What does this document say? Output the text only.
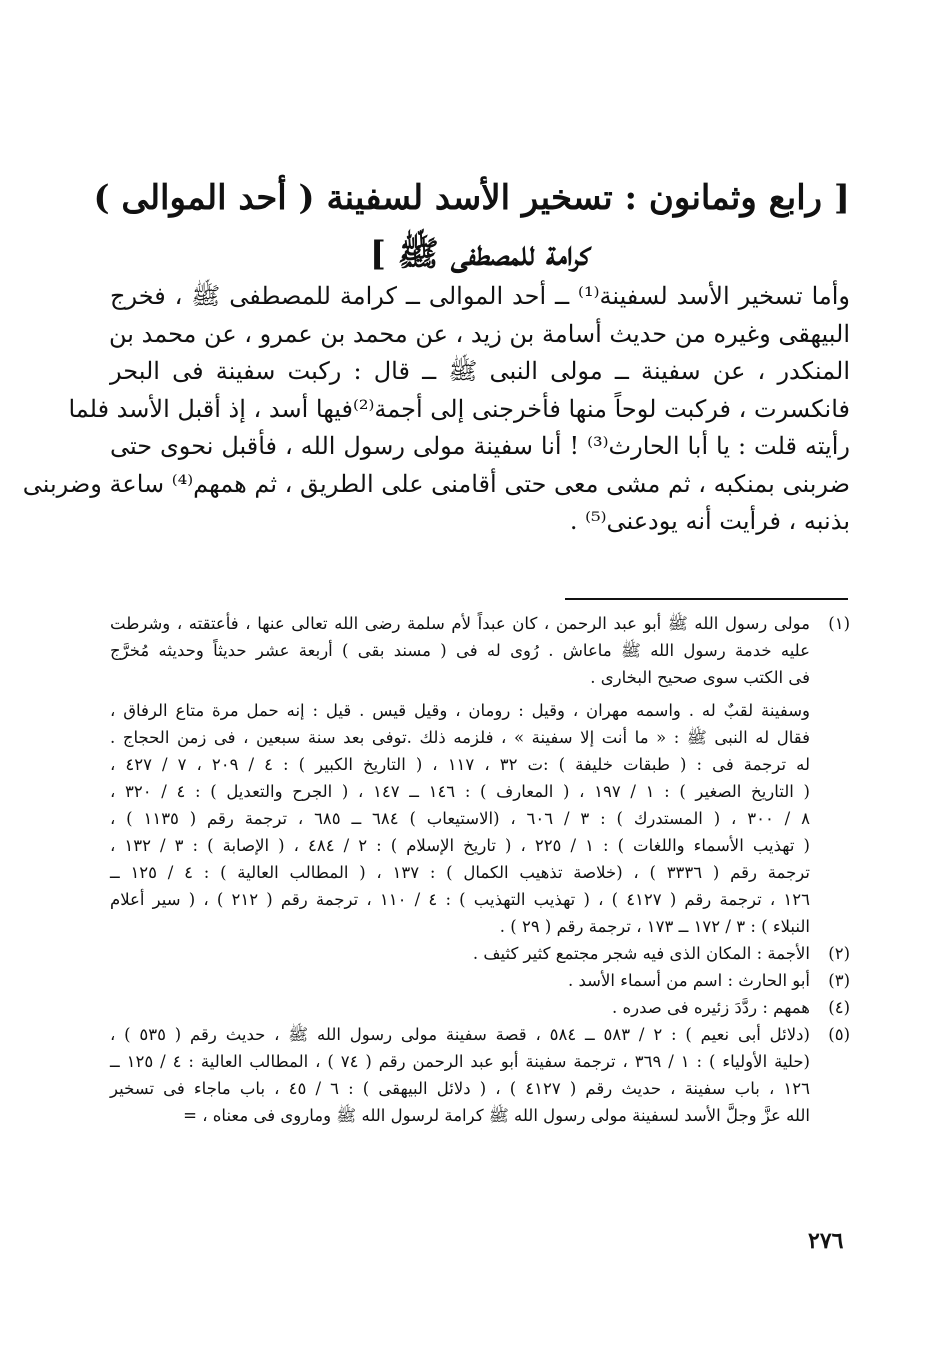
[ رابع وثمانون : تسخير الأسد لسفينة ( أحد الموالى )
كرامة للمصطفى ﷺ ]
وأما تسخير الأسد لسفينة⁽¹⁾ ــ أحد الموالى ــ كرامة للمصطفى ﷺ ، فخرج
البيهقى وغيره من حديث أسامة بن زيد ، عن محمد بن عمرو ، عن محمد بن
المنكدر ، عن سفينة ــ مولى النبى ﷺ ــ قال : ركبت سفينة فى البحر
فانكسرت ، فركبت لوحاً منها فأخرجنى إلى أجمة⁽²⁾فيها أسد ، إذ أقبل الأسد فلما
رأيته قلت : يا أبا الحارث⁽³⁾ ! أنا سفينة مولى رسول الله ، فأقبل نحوى حتى
ضربنى بمنكبه ، ثم مشى معى حتى أقامنى على الطريق ، ثم همهم⁽⁴⁾ ساعة وضربنى
بذنبه ، فرأيت أنه يودعنى⁽⁵⁾ .
(١)
مولى رسول الله ﷺ أبو عبد الرحمن ، كان عبداً لأم سلمة رضى الله تعالى عنها ، فأعتقته ، وشرطت
عليه خدمة رسول الله ﷺ ماعاش . رُوى له فى ( مسند بقى ) أربعة عشر حديثاً وحديثه مُخرَّج
فى الكتب سوى صحيح البخارى .
وسفينة لقبٌ له . واسمه مهران ، وقيل : رومان ، وقيل قيس . قيل : إنه حمل مرة متاع الرفاق ،
فقال له النبى ﷺ : « ما أنت إلا سفينة » ، فلزمه ذلك .توفى بعد سنة سبعين ، فى زمن الحجاج .
له ترجمة فى : ( طبقات خليفة ) :ت ٣٢ ، ١١٧ ، ( التاريخ الكبير ) : ٤ / ٢٠٩ ، ٧ / ٤٢٧ ،
( التاريخ الصغير ) : ١ / ١٩٧ ، ( المعارف ) : ١٤٦ ــ ١٤٧ ، ( الجرح والتعديل ) : ٤ / ٣٢٠ ،
٨ / ٣٠٠ ، ( المستدرك ) : ٣ / ٦٠٦ ، (الاستيعاب ) ٦٨٤ ــ ٦٨٥ ، ترجمة رقم ( ١١٣٥ ) ،
( تهذيب الأسماء واللغات ) : ١ / ٢٢٥ ، ( تاريخ الإسلام ) : ٢ / ٤٨٤ ، ( الإصابة ) : ٣ / ١٣٢ ،
ترجمة رقم ( ٣٣٣٦ ) ، (خلاصة تذهيب الكمال ) : ١٣٧ ، ( المطالب العالية ) : ٤ / ١٢٥ ــ
١٢٦ ، ترجمة رقم ( ٤١٢٧ ) ، ( تهذيب التهذيب ) : ٤ / ١١٠ ، ترجمة رقم ( ٢١٢ ) ، ( سير أعلام
النبلاء ) : ٣ / ١٧٢ ــ ١٧٣ ، ترجمة رقم ( ٢٩ ) .
(٢)
الأجمة : المكان الذى فيه شجر مجتمع كثير كثيف .
(٣)
أبو الحارث : اسم من أسماء الأسد .
(٤)
همهم : ردَّدَ زئيره فى صدره .
(٥)
(دلائل أبى نعيم ) : ٢ / ٥٨٣ ــ ٥٨٤ ، قصة سفينة مولى رسول الله ﷺ ، حديث رقم ( ٥٣٥ ) ،
(حلية الأولياء ) : ١ / ٣٦٩ ، ترجمة سفينة أبو عبد الرحمن رقم ( ٧٤ ) ، المطالب العالية : ٤ / ١٢٥ ــ
١٢٦ ، باب سفينة ، حديث رقم ( ٤١٢٧ ) ، ( دلائل البيهقى ) : ٦ / ٤٥ ، باب ماجاء فى تسخير
الله عزَّ وجلَّ الأسد لسفينة مولى رسول الله ﷺ كرامة لرسول الله ﷺ وماروى فى معناه ، =
٢٧٦
